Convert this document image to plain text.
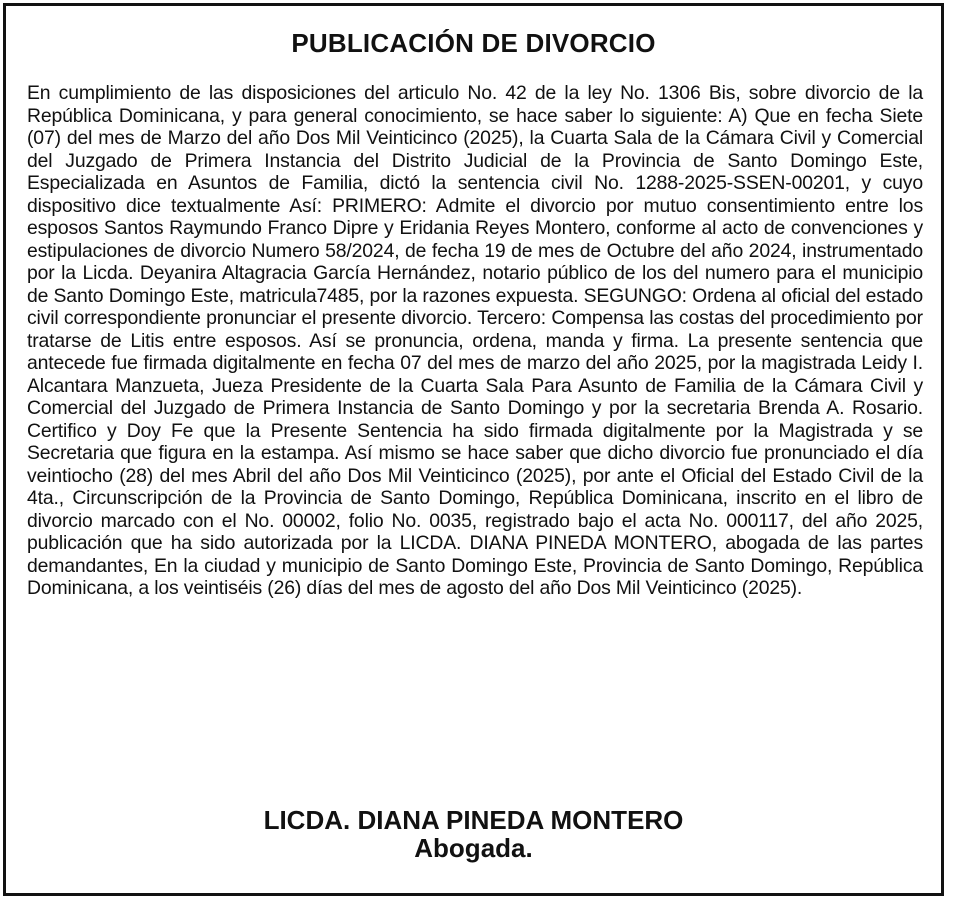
PUBLICACIÓN DE DIVORCIO

En cumplimiento de las disposiciones del articulo No. 42 de la ley No. 1306 Bis, sobre divorcio de la República Dominicana, y para general conocimiento, se hace saber lo siguiente: A) Que en fecha Siete (07) del mes de Marzo del año Dos Mil Veinticinco (2025), la Cuarta Sala de la Cámara Civil y Comercial del Juzgado de Primera Instancia del Distrito Judicial de la Provincia de Santo Domingo Este, Especializada en Asuntos de Familia, dictó la sentencia civil No. 1288-2025-SSEN-00201, y cuyo dispositivo dice textualmente Así: PRIMERO: Admite el divorcio por mutuo consentimiento entre los esposos Santos Raymundo Franco Dipre y Eridania Reyes Montero, conforme al acto de convenciones y estipulaciones de divorcio Numero 58/2024, de fecha 19 de mes de Octubre del año 2024, instrumentado por la Licda. Deyanira Altagracia García Hernández, notario público de los del numero para el municipio de Santo Domingo Este, matricula7485, por la razones expuesta. SEGUNGO: Ordena al oficial del estado civil correspondiente pronunciar el presente divorcio. Tercero: Compensa las costas del procedimiento por tratarse de Litis entre esposos. Así se pronuncia, ordena, manda y firma. La presente sentencia que antecede fue firmada digitalmente en fecha 07 del mes de marzo del año 2025, por la magistrada Leidy I. Alcantara Manzueta, Jueza Presidente de la Cuarta Sala Para Asunto de Familia de la Cámara Civil y Comercial del Juzgado de Primera Instancia de Santo Domingo y por la secretaria Brenda A. Rosario. Certifico y Doy Fe que la Presente Sentencia ha sido firmada digitalmente por la Magistrada y se Secretaria que figura en la estampa. Así mismo se hace saber que dicho divorcio fue pronunciado el día veintiocho (28) del mes Abril del año Dos Mil Veinticinco (2025), por ante el Oficial del Estado Civil de la 4ta., Circunscripción de la Provincia de Santo Domingo, República Dominicana, inscrito en el libro de divorcio marcado con el No. 00002, folio No. 0035, registrado bajo el acta No. 000117, del año 2025, publicación que ha sido autorizada por la LICDA. DIANA PINEDA MONTERO, abogada de las partes demandantes, En la ciudad y municipio de Santo Domingo Este, Provincia de Santo Domingo, República Dominicana, a los veintiséis (26) días del mes de agosto del año Dos Mil Veinticinco (2025).

LICDA. DIANA PINEDA MONTERO
Abogada.
